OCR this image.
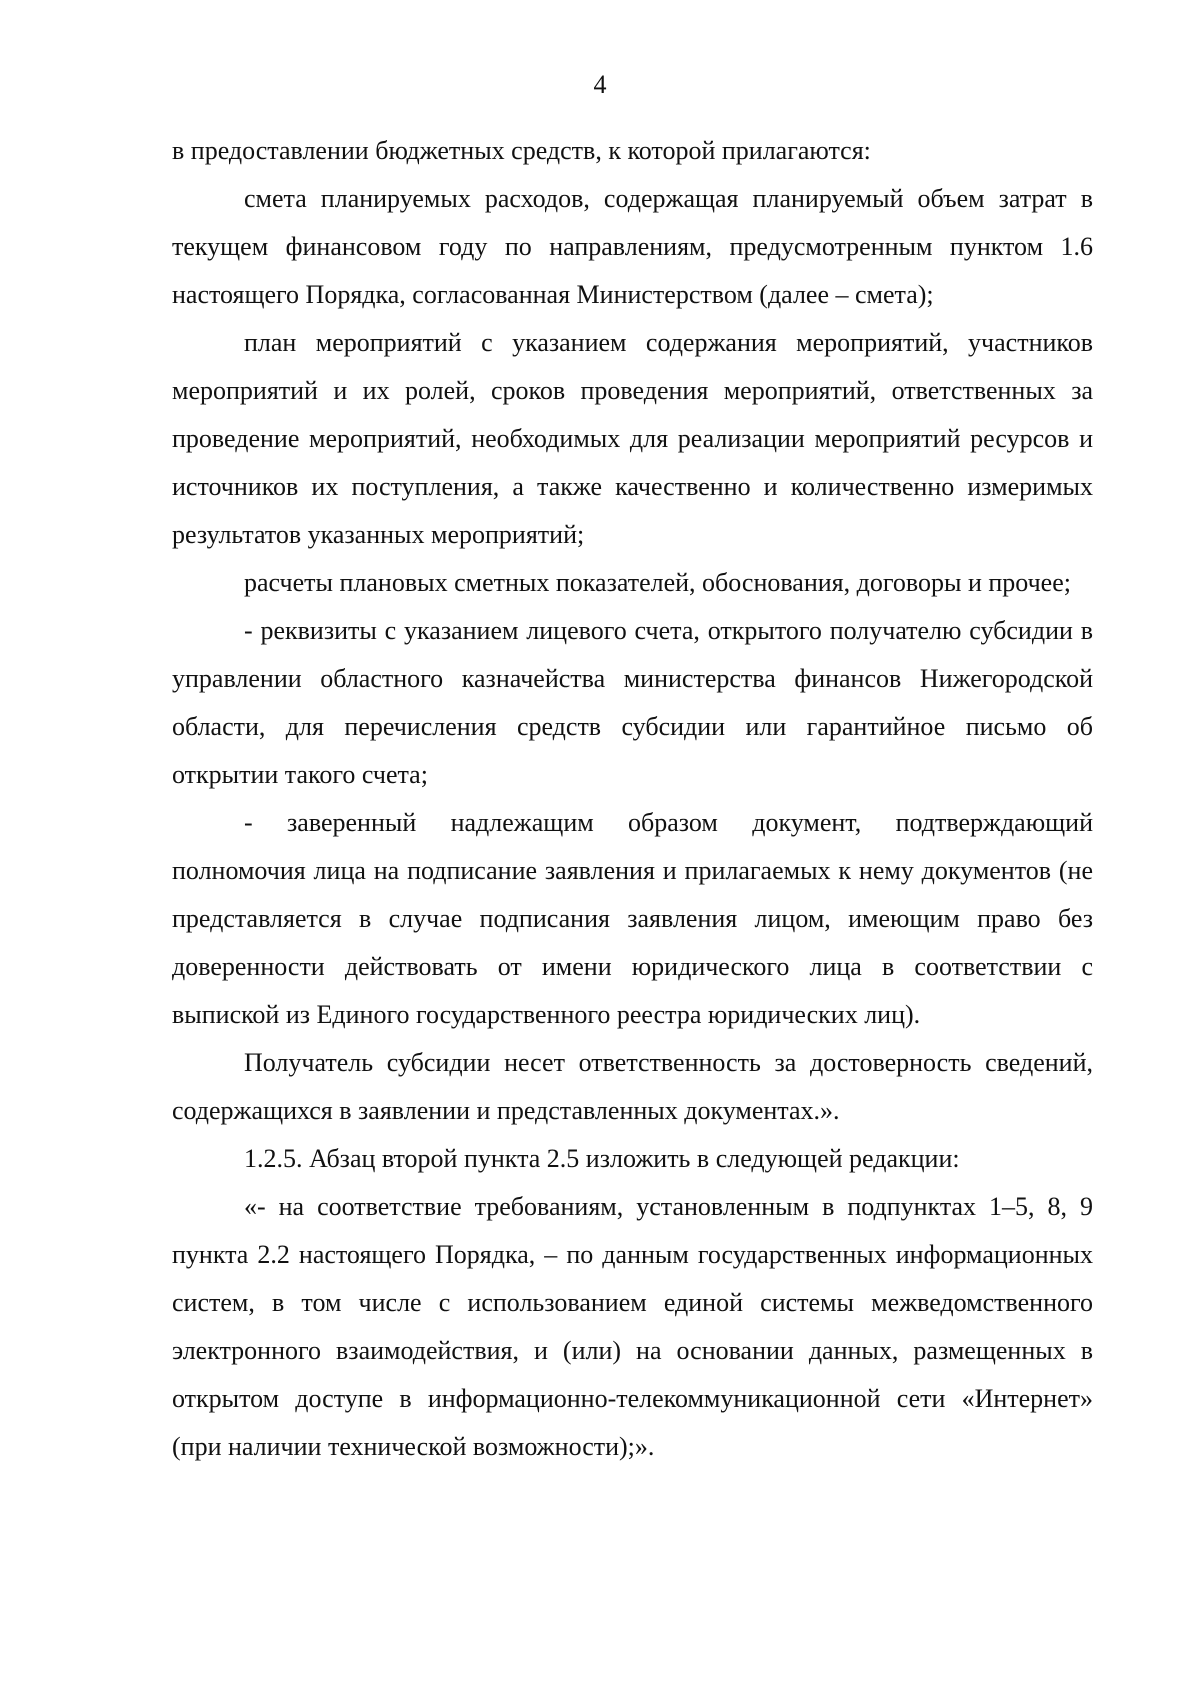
4

в предоставлении бюджетных средств, к которой прилагаются:

смета планируемых расходов, содержащая планируемый объем затрат в текущем финансовом году по направлениям, предусмотренным пунктом 1.6 настоящего Порядка, согласованная Министерством (далее – смета);

план мероприятий с указанием содержания мероприятий, участников мероприятий и их ролей, сроков проведения мероприятий, ответственных за проведение мероприятий, необходимых для реализации мероприятий ресурсов и источников их поступления, а также качественно и количественно измеримых результатов указанных мероприятий;

расчеты плановых сметных показателей, обоснования, договоры и прочее;

- реквизиты с указанием лицевого счета, открытого получателю субсидии в управлении областного казначейства министерства финансов Нижегородской области, для перечисления средств субсидии или гарантийное письмо об открытии такого счета;

- заверенный надлежащим образом документ, подтверждающий полномочия лица на подписание заявления и прилагаемых к нему документов (не представляется в случае подписания заявления лицом, имеющим право без доверенности действовать от имени юридического лица в соответствии с выпиской из Единого государственного реестра юридических лиц).

Получатель субсидии несет ответственность за достоверность сведений, содержащихся в заявлении и представленных документах.».

1.2.5. Абзац второй пункта 2.5 изложить в следующей редакции:

«- на соответствие требованиям, установленным в подпунктах 1–5, 8, 9 пункта 2.2 настоящего Порядка, – по данным государственных информационных систем, в том числе с использованием единой системы межведомственного электронного взаимодействия, и (или) на основании данных, размещенных в открытом доступе в информационно-телекоммуникационной сети «Интернет» (при наличии технической возможности);».
